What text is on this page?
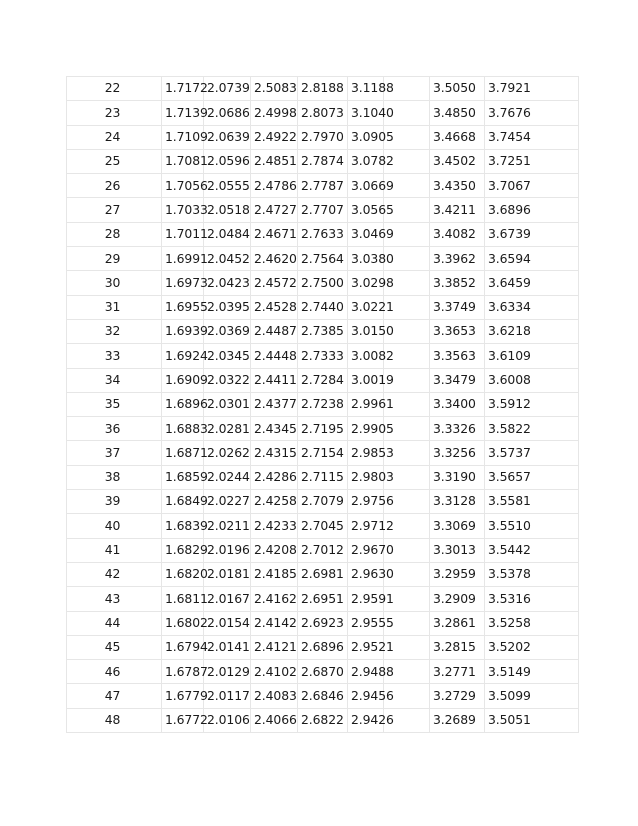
22	1.7172	2.0739	2.5083	2.8188	3.1188		3.5050	3.7921
23	1.7139	2.0686	2.4998	2.8073	3.1040		3.4850	3.7676
24	1.7109	2.0639	2.4922	2.7970	3.0905		3.4668	3.7454
25	1.7081	2.0596	2.4851	2.7874	3.0782		3.4502	3.7251
26	1.7056	2.0555	2.4786	2.7787	3.0669		3.4350	3.7067
27	1.7033	2.0518	2.4727	2.7707	3.0565		3.4211	3.6896
28	1.7011	2.0484	2.4671	2.7633	3.0469		3.4082	3.6739
29	1.6991	2.0452	2.4620	2.7564	3.0380		3.3962	3.6594
30	1.6973	2.0423	2.4572	2.7500	3.0298		3.3852	3.6459
31	1.6955	2.0395	2.4528	2.7440	3.0221		3.3749	3.6334
32	1.6939	2.0369	2.4487	2.7385	3.0150		3.3653	3.6218
33	1.6924	2.0345	2.4448	2.7333	3.0082		3.3563	3.6109
34	1.6909	2.0322	2.4411	2.7284	3.0019		3.3479	3.6008
35	1.6896	2.0301	2.4377	2.7238	2.9961		3.3400	3.5912
36	1.6883	2.0281	2.4345	2.7195	2.9905		3.3326	3.5822
37	1.6871	2.0262	2.4315	2.7154	2.9853		3.3256	3.5737
38	1.6859	2.0244	2.4286	2.7115	2.9803		3.3190	3.5657
39	1.6849	2.0227	2.4258	2.7079	2.9756		3.3128	3.5581
40	1.6839	2.0211	2.4233	2.7045	2.9712		3.3069	3.5510
41	1.6829	2.0196	2.4208	2.7012	2.9670		3.3013	3.5442
42	1.6820	2.0181	2.4185	2.6981	2.9630		3.2959	3.5378
43	1.6811	2.0167	2.4162	2.6951	2.9591		3.2909	3.5316
44	1.6802	2.0154	2.4142	2.6923	2.9555		3.2861	3.5258
45	1.6794	2.0141	2.4121	2.6896	2.9521		3.2815	3.5202
46	1.6787	2.0129	2.4102	2.6870	2.9488		3.2771	3.5149
47	1.6779	2.0117	2.4083	2.6846	2.9456		3.2729	3.5099
48	1.6772	2.0106	2.4066	2.6822	2.9426		3.2689	3.5051
